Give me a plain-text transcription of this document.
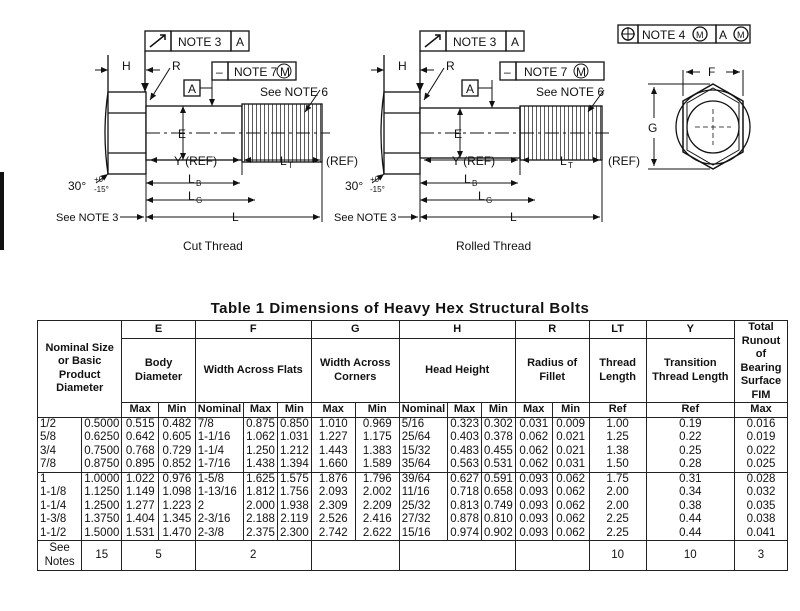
NOTE 3 A
H	R	– NOTE 7 M
A	See NOTE 6
E
Y (REF)	L T	(REF)
L B
L G
L
30° +0°
-15°
See NOTE 3
Cut Thread
NOTE 3 A
H	R	– NOTE 7 M
A	See NOTE 6
E
Y (REF)	L T	(REF)
L B
L G
L
30° +0°
-15°
See NOTE 3
Rolled Thread
NOTE 4 M A M
F
G
Table 1 Dimensions of Heavy Hex Structural Bolts
Nominal Size or Basic Product Diameter		E		F			G		H			R		LT	Y	Total Runout of Bearing Surface FIM
		Body Diameter		Width Across Flats			Width Across Corners		Head Height			Radius of Fillet		Thread Length	Transition Thread Length	
		Max	Min	Nominal	Max	Min	Max	Min	Nominal	Max	Min	Max	Min	Ref	Ref	Max
1/2	0.5000	0.515	0.482	7/8	0.875	0.850	1.010	0.969	5/16	0.323	0.302	0.031	0.009	1.00	0.19	0.016
5/8	0.6250	0.642	0.605	1-1/16	1.062	1.031	1.227	1.175	25/64	0.403	0.378	0.062	0.021	1.25	0.22	0.019
3/4	0.7500	0.768	0.729	1-1/4	1.250	1.212	1.443	1.383	15/32	0.483	0.455	0.062	0.021	1.38	0.25	0.022
7/8	0.8750	0.895	0.852	1-7/16	1.438	1.394	1.660	1.589	35/64	0.563	0.531	0.062	0.031	1.50	0.28	0.025
1	1.0000	1.022	0.976	1-5/8	1.625	1.575	1.876	1.796	39/64	0.627	0.591	0.093	0.062	1.75	0.31	0.028
1-1/8	1.1250	1.149	1.098	1-13/16	1.812	1.756	2.093	2.002	11/16	0.718	0.658	0.093	0.062	2.00	0.34	0.032
1-1/4	1.2500	1.277	1.223	2	2.000	1.938	2.309	2.209	25/32	0.813	0.749	0.093	0.062	2.00	0.38	0.035
1-3/8	1.3750	1.404	1.345	2-3/16	2.188	2.119	2.526	2.416	27/32	0.878	0.810	0.093	0.062	2.25	0.44	0.038
1-1/2	1.5000	1.531	1.470	2-3/8	2.375	2.300	2.742	2.622	15/16	0.974	0.902	0.093	0.062	2.25	0.44	0.041
See Notes	15	5		2										10	10	3
